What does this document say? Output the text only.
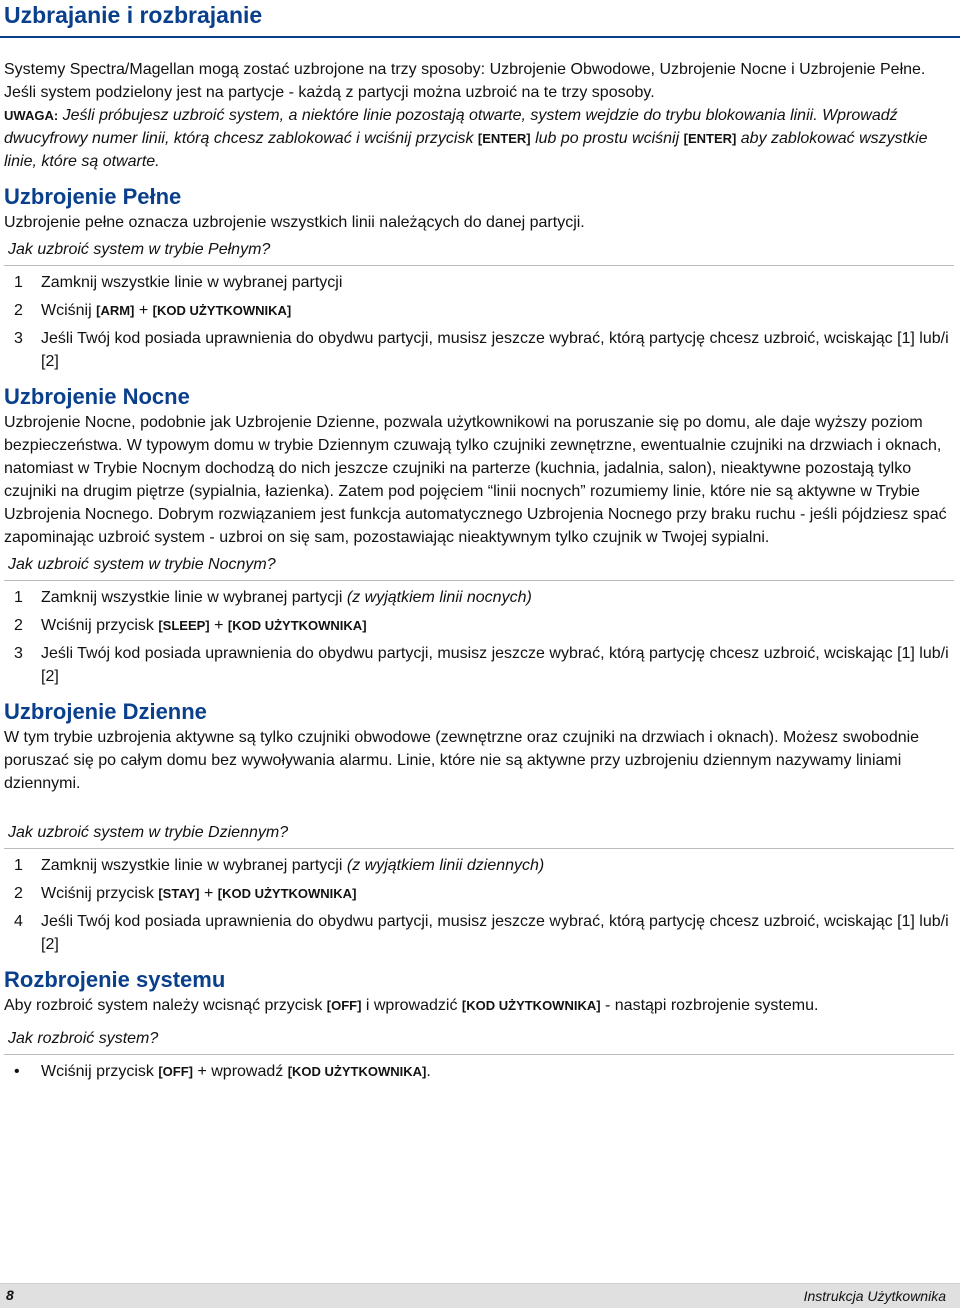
Uzbrajanie i rozbrajanie

Systemy Spectra/Magellan mogą zostać uzbrojone na trzy sposoby: Uzbrojenie Obwodowe, Uzbrojenie Nocne i Uzbrojenie Pełne. Jeśli system podzielony jest na partycje - każdą z partycji można uzbroić na te trzy sposoby.

UWAGA: Jeśli próbujesz uzbroić system, a niektóre linie pozostają otwarte, system wejdzie do trybu blokowania linii. Wprowadź dwucyfrowy numer linii, którą chcesz zablokować i wciśnij przycisk [ENTER] lub po prostu wciśnij [ENTER] aby zablokować wszystkie linie, które są otwarte.

Uzbrojenie Pełne

Uzbrojenie pełne oznacza uzbrojenie wszystkich linii należących do danej partycji.

Jak uzbroić system w trybie Pełnym?

1	Zamknij wszystkie linie w wybranej partycji
2	Wciśnij [ARM] + [KOD UŻYTKOWNIKA]
3	Jeśli Twój kod posiada uprawnienia do obydwu partycji, musisz jeszcze wybrać, którą partycję chcesz uzbroić, wciskając [1] lub/i [2]
Uzbrojenie Nocne

Uzbrojenie Nocne, podobnie jak Uzbrojenie Dzienne, pozwala użytkownikowi na poruszanie się po domu, ale daje wyższy poziom bezpieczeństwa. W typowym domu w trybie Dziennym czuwają tylko czujniki zewnętrzne, ewentualnie czujniki na drzwiach i oknach, natomiast w Trybie Nocnym dochodzą do nich jeszcze czujniki na parterze (kuchnia, jadalnia, salon), nieaktywne pozostają tylko czujniki na drugim piętrze (sypialnia, łazienka). Zatem pod pojęciem “linii nocnych” rozumiemy linie, które nie są aktywne w Trybie Uzbrojenia Nocnego. Dobrym rozwiązaniem jest funkcja automatycznego Uzbrojenia Nocnego przy braku ruchu - jeśli pójdziesz spać zapominając uzbroić system - uzbroi on się sam, pozostawiając nieaktywnym tylko czujnik w Twojej sypialni.

Jak uzbroić system w trybie Nocnym?

1	Zamknij wszystkie linie w wybranej partycji (z wyjątkiem linii nocnych)
2	Wciśnij przycisk [SLEEP] + [KOD UŻYTKOWNIKA]
3	Jeśli Twój kod posiada uprawnienia do obydwu partycji, musisz jeszcze wybrać, którą partycję chcesz uzbroić, wciskając [1] lub/i [2]
Uzbrojenie Dzienne

W tym trybie uzbrojenia aktywne są tylko czujniki obwodowe (zewnętrzne oraz czujniki na drzwiach i oknach). Możesz swobodnie poruszać się po całym domu bez wywoływania alarmu. Linie, które nie są aktywne przy uzbrojeniu dziennym nazywamy liniami dziennymi.

Jak uzbroić system w trybie Dziennym?

1	Zamknij wszystkie linie w wybranej partycji (z wyjątkiem linii dziennych)
2	Wciśnij przycisk [STAY] + [KOD UŻYTKOWNIKA]
4	Jeśli Twój kod posiada uprawnienia do obydwu partycji, musisz jeszcze wybrać, którą partycję chcesz uzbroić, wciskając [1] lub/i [2]
Rozbrojenie systemu

Aby rozbroić system należy wcisnąć przycisk [OFF] i wprowadzić [KOD UŻYTKOWNIKA] - nastąpi rozbrojenie systemu.

Jak rozbroić system?

•	Wciśnij przycisk [OFF] + wprowadź [KOD UŻYTKOWNIKA].
8	Instrukcja Użytkownika
